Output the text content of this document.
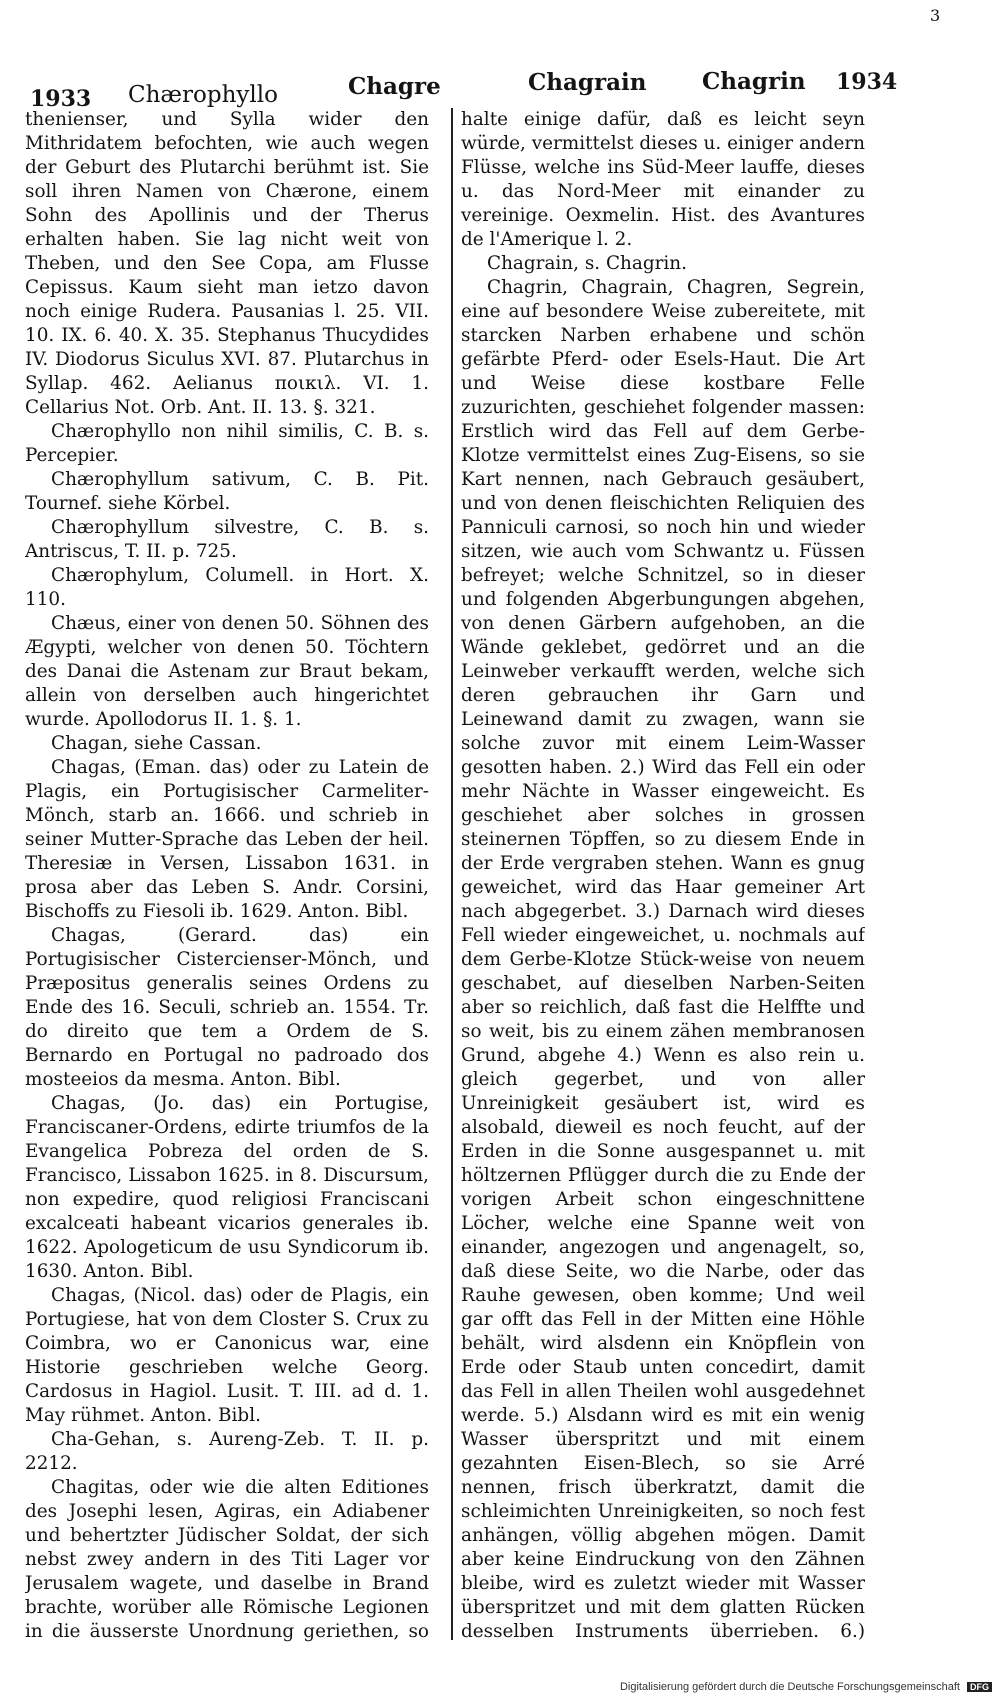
3
1933 Chærophyllo	Chagre	Chagrain Chagrin 1934

thenienser, und Sylla wider den Mithridatem befochten, wie auch wegen der Geburt des Plutarchi berühmt ist. Sie soll ihren Namen von Chærone, einem Sohn des Apollinis und der Therus erhalten haben. Sie lag nicht weit von Theben, und den See Copa, am Flusse Cepissus. Kaum sieht man ietzo davon noch einige Rudera. Pausanias l. 25. VII. 10. IX. 6. 40. X. 35. Stephanus Thucydides IV. Diodorus Siculus XVI. 87. Plutarchus in Syllap. 462. Aelianus ποικιλ. VI. 1. Cellarius Not. Orb. Ant. II. 13. §. 321.

Chærophyllo non nihil similis, C. B. s. Percepier.

Chærophyllum sativum, C. B. Pit. Tournef. siehe Körbel.

Chærophyllum silvestre, C. B. s. Antriscus, T. II. p. 725.

Chærophylum, Columell. in Hort. X. 110.

Chæus, einer von denen 50. Söhnen des Ægypti, welcher von denen 50. Töchtern des Danai die Astenam zur Braut bekam, allein von derselben auch hingerichtet wurde. Apollodorus II. 1. §. 1.

Chagan, siehe Cassan.

Chagas, (Eman. das) oder zu Latein de Plagis, ein Portugisischer Carmeliter-Mönch, starb an. 1666. und schrieb in seiner Mutter-Sprache das Leben der heil. Theresiæ in Versen, Lissabon 1631. in prosa aber das Leben S. Andr. Corsini, Bischoffs zu Fiesoli ib. 1629. Anton. Bibl.

Chagas, (Gerard. das) ein Portugisischer Cistercienser-Mönch, und Præpositus generalis seines Ordens zu Ende des 16. Seculi, schrieb an. 1554. Tr. do direito que tem a Ordem de S. Bernardo en Portugal no padroado dos mosteeios da mesma. Anton. Bibl.

Chagas, (Jo. das) ein Portugise, Franciscaner-Ordens, edirte triumfos de la Evangelica Pobreza del orden de S. Francisco, Lissabon 1625. in 8. Discursum, non expedire, quod religiosi Franciscani excalceati habeant vicarios generales ib. 1622. Apologeticum de usu Syndicorum ib. 1630. Anton. Bibl.

Chagas, (Nicol. das) oder de Plagis, ein Portugiese, hat von dem Closter S. Crux zu Coimbra, wo er Canonicus war, eine Historie geschrieben welche Georg. Cardosus in Hagiol. Lusit. T. III. ad d. 1. May rühmet. Anton. Bibl.

Cha-Gehan, s. Aureng-Zeb. T. II. p. 2212.

Chagitas, oder wie die alten Editiones des Josephi lesen, Agiras, ein Adiabener und behertzter Jüdischer Soldat, der sich nebst zwey andern in des Titi Lager vor Jerusalem wagete, und daselbe in Brand brachte, worüber alle Römische Legionen in die äusserste Unordnung geriethen, so

halte einige dafür, daß es leicht seyn würde, vermittelst dieses u. einiger andern Flüsse, welche ins Süd-Meer lauffe, dieses u. das Nord-Meer mit einander zu vereinige. Oexmelin. Hist. des Avantures de l'Amerique l. 2.

Chagrain, s. Chagrin.

Chagrin, Chagrain, Chagren, Segrein, eine auf besondere Weise zubereitete, mit starcken Narben erhabene und schön gefärbte Pferd- oder Esels-Haut. Die Art und Weise diese kostbare Felle zuzurichten, geschiehet folgender massen: Erstlich wird das Fell auf dem Gerbe-Klotze vermittelst eines Zug-Eisens, so sie Kart nennen, nach Gebrauch gesäubert, und von denen fleischichten Reliquien des Panniculi carnosi, so noch hin und wieder sitzen, wie auch vom Schwantz u. Füssen befreyet; welche Schnitzel, so in dieser und folgenden Abgerbungungen abgehen, von denen Gärbern aufgehoben, an die Wände geklebet, gedörret und an die Leinweber verkaufft werden, welche sich deren gebrauchen ihr Garn und Leinewand damit zu zwagen, wann sie solche zuvor mit einem Leim-Wasser gesotten haben. 2.) Wird das Fell ein oder mehr Nächte in Wasser eingeweicht. Es geschiehet aber solches in grossen steinernen Töpffen, so zu diesem Ende in der Erde vergraben stehen. Wann es gnug geweichet, wird das Haar gemeiner Art nach abgegerbet. 3.) Darnach wird dieses Fell wieder eingeweichet, u. nochmals auf dem Gerbe-Klotze Stück-weise von neuem geschabet, auf dieselben Narben-Seiten aber so reichlich, daß fast die Helffte und so weit, bis zu einem zähen membranosen Grund, abgehe 4.) Wenn es also rein u. gleich gegerbet, und von aller Unreinigkeit gesäubert ist, wird es alsobald, dieweil es noch feucht, auf der Erden in die Sonne ausgespannet u. mit höltzernen Pflügger durch die zu Ende der vorigen Arbeit schon eingeschnittene Löcher, welche eine Spanne weit von einander, angezogen und angenagelt, so, daß diese Seite, wo die Narbe, oder das Rauhe gewesen, oben komme; Und weil gar offt das Fell in der Mitten eine Höhle behält, wird alsdenn ein Knöpflein von Erde oder Staub unten concedirt, damit das Fell in allen Theilen wohl ausgedehnet werde. 5.) Alsdann wird es mit ein wenig Wasser überspritzt und mit einem gezahnten Eisen-Blech, so sie Arré nennen, frisch überkratzt, damit die schleimichten Unreinigkeiten, so noch fest anhängen, völlig abgehen mögen. Damit aber keine Eindruckung von den Zähnen bleibe, wird es zuletzt wieder mit Wasser überspritzet und mit dem glatten Rücken desselben Instruments überrieben. 6.)

Digitalisierung gefördert durch die Deutsche Forschungsgemeinschaft DFG
